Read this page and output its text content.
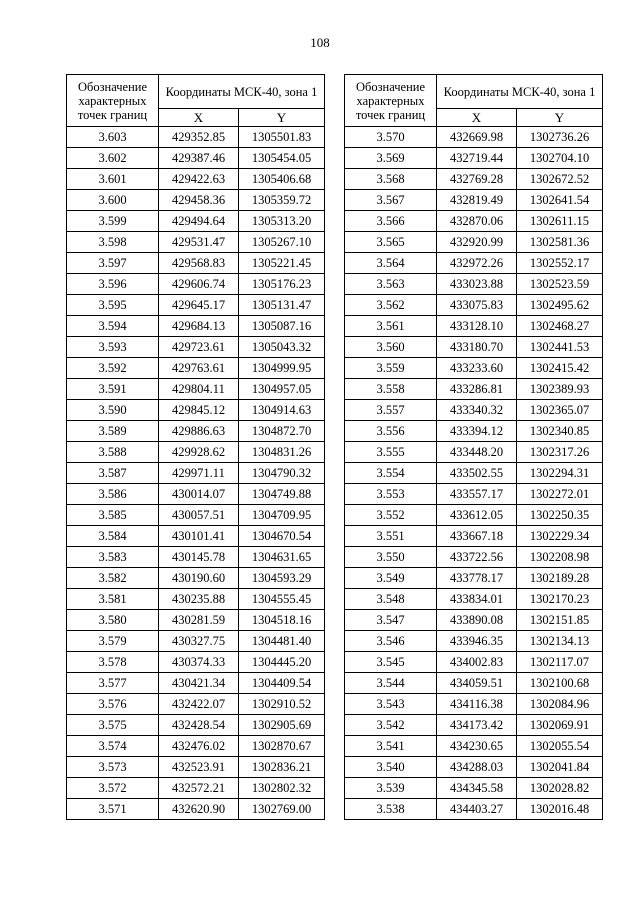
108
Обозначение характерных точек границ	Координаты МСК-40, зона 1	
	X	Y
3.603	429352.85	1305501.83
3.602	429387.46	1305454.05
3.601	429422.63	1305406.68
3.600	429458.36	1305359.72
3.599	429494.64	1305313.20
3.598	429531.47	1305267.10
3.597	429568.83	1305221.45
3.596	429606.74	1305176.23
3.595	429645.17	1305131.47
3.594	429684.13	1305087.16
3.593	429723.61	1305043.32
3.592	429763.61	1304999.95
3.591	429804.11	1304957.05
3.590	429845.12	1304914.63
3.589	429886.63	1304872.70
3.588	429928.62	1304831.26
3.587	429971.11	1304790.32
3.586	430014.07	1304749.88
3.585	430057.51	1304709.95
3.584	430101.41	1304670.54
3.583	430145.78	1304631.65
3.582	430190.60	1304593.29
3.581	430235.88	1304555.45
3.580	430281.59	1304518.16
3.579	430327.75	1304481.40
3.578	430374.33	1304445.20
3.577	430421.34	1304409.54
3.576	432422.07	1302910.52
3.575	432428.54	1302905.69
3.574	432476.02	1302870.67
3.573	432523.91	1302836.21
3.572	432572.21	1302802.32
3.571	432620.90	1302769.00
Обозначение характерных точек границ	Координаты МСК-40, зона 1	
	X	Y
3.570	432669.98	1302736.26
3.569	432719.44	1302704.10
3.568	432769.28	1302672.52
3.567	432819.49	1302641.54
3.566	432870.06	1302611.15
3.565	432920.99	1302581.36
3.564	432972.26	1302552.17
3.563	433023.88	1302523.59
3.562	433075.83	1302495.62
3.561	433128.10	1302468.27
3.560	433180.70	1302441.53
3.559	433233.60	1302415.42
3.558	433286.81	1302389.93
3.557	433340.32	1302365.07
3.556	433394.12	1302340.85
3.555	433448.20	1302317.26
3.554	433502.55	1302294.31
3.553	433557.17	1302272.01
3.552	433612.05	1302250.35
3.551	433667.18	1302229.34
3.550	433722.56	1302208.98
3.549	433778.17	1302189.28
3.548	433834.01	1302170.23
3.547	433890.08	1302151.85
3.546	433946.35	1302134.13
3.545	434002.83	1302117.07
3.544	434059.51	1302100.68
3.543	434116.38	1302084.96
3.542	434173.42	1302069.91
3.541	434230.65	1302055.54
3.540	434288.03	1302041.84
3.539	434345.58	1302028.82
3.538	434403.27	1302016.48
